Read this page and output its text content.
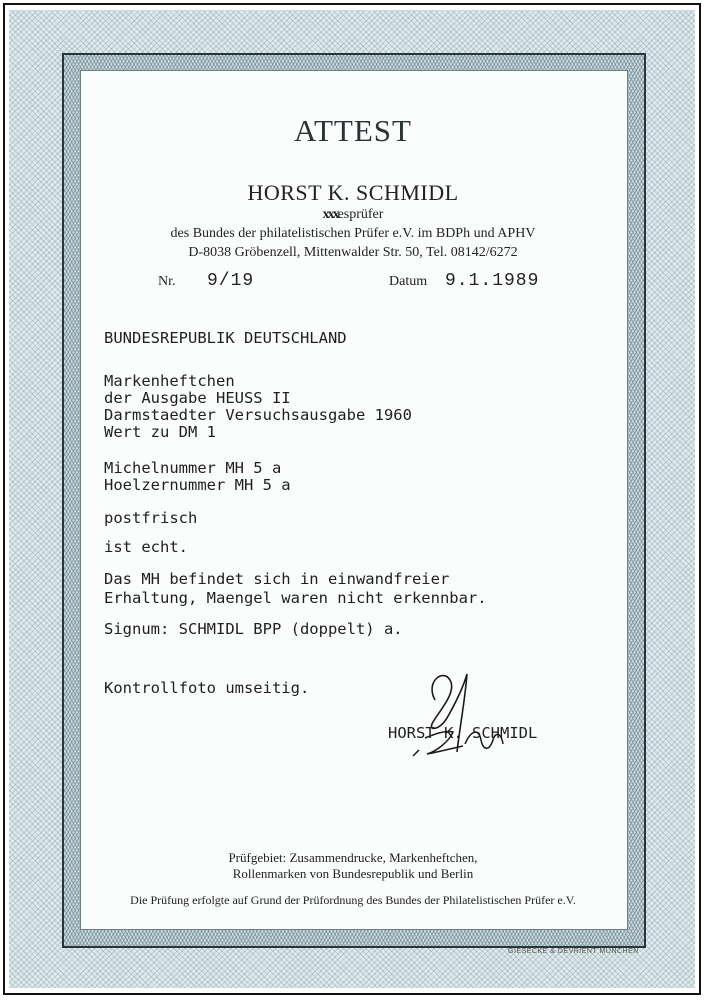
ATTEST
HORST K. SCHMIDL
xxxesprüfer
des Bundes der philatelistischen Prüfer e.V. im BDPh und APHV
D-8038 Gröbenzell, Mittenwalder Str. 50, Tel. 08142/6272
Nr. 9/19	Datum 9.1.1989
BUNDESREPUBLIK DEUTSCHLAND
Markenheftchen
der Ausgabe HEUSS II
Darmstaedter Versuchsausgabe 1960
Wert zu DM 1
Michelnummer MH 5 a
Hoelzernummer MH 5 a
postfrisch
ist echt.
Das MH befindet sich in einwandfreier
Erhaltung, Maengel waren nicht erkennbar.
Signum: SCHMIDL BPP (doppelt) a.
Kontrollfoto umseitig.
HORST K. SCHMIDL
Prüfgebiet: Zusammendrucke, Markenheftchen,
Rollenmarken von Bundesrepublik und Berlin
Die Prüfung erfolgte auf Grund der Prüfordnung des Bundes der Philatelistischen Prüfer e.V.
GIESECKE & DEVRIENT MÜNCHEN
